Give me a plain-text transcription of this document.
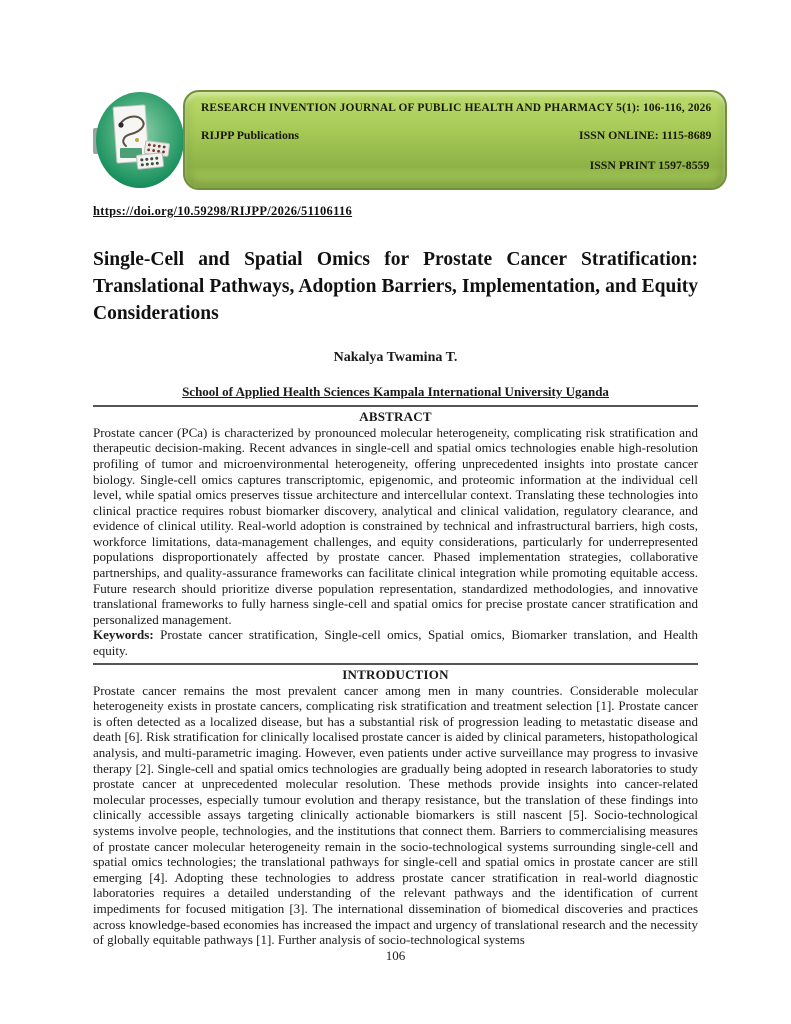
RESEARCH INVENTION JOURNAL OF PUBLIC HEALTH AND PHARMACY 5(1): 106-116, 2026
RIJPP Publications	ISSN ONLINE: 1115-8689
ISSN PRINT 1597-8559
https://doi.org/10.59298/RIJPP/2026/51106116
Single-Cell and Spatial Omics for Prostate Cancer Stratification: Translational Pathways, Adoption Barriers, Implementation, and Equity Considerations
Nakalya Twamina T.
School of Applied Health Sciences Kampala International University Uganda
ABSTRACT

Prostate cancer (PCa) is characterized by pronounced molecular heterogeneity, complicating risk stratification and therapeutic decision-making. Recent advances in single-cell and spatial omics technologies enable high-resolution profiling of tumor and microenvironmental heterogeneity, offering unprecedented insights into prostate cancer biology. Single-cell omics captures transcriptomic, epigenomic, and proteomic information at the individual cell level, while spatial omics preserves tissue architecture and intercellular context. Translating these technologies into clinical practice requires robust biomarker discovery, analytical and clinical validation, regulatory clearance, and evidence of clinical utility. Real-world adoption is constrained by technical and infrastructural barriers, high costs, workforce limitations, data-management challenges, and equity considerations, particularly for underrepresented populations disproportionately affected by prostate cancer. Phased implementation strategies, collaborative partnerships, and quality-assurance frameworks can facilitate clinical integration while promoting equitable access. Future research should prioritize diverse population representation, standardized methodologies, and innovative translational frameworks to fully harness single-cell and spatial omics for precise prostate cancer stratification and personalized management.

Keywords: Prostate cancer stratification, Single-cell omics, Spatial omics, Biomarker translation, and Health equity.

INTRODUCTION

Prostate cancer remains the most prevalent cancer among men in many countries. Considerable molecular heterogeneity exists in prostate cancers, complicating risk stratification and treatment selection [1]. Prostate cancer is often detected as a localized disease, but has a substantial risk of progression leading to metastatic disease and death [6]. Risk stratification for clinically localised prostate cancer is aided by clinical parameters, histopathological analysis, and multi-parametric imaging. However, even patients under active surveillance may progress to invasive therapy [2]. Single-cell and spatial omics technologies are gradually being adopted in research laboratories to study prostate cancer at unprecedented molecular resolution. These methods provide insights into cancer-related molecular processes, especially tumour evolution and therapy resistance, but the translation of these findings into clinically accessible assays targeting clinically actionable biomarkers is still nascent [5]. Socio-technological systems involve people, technologies, and the institutions that connect them. Barriers to commercialising measures of prostate cancer molecular heterogeneity remain in the socio-technological systems surrounding single-cell and spatial omics technologies; the translational pathways for single-cell and spatial omics in prostate cancer are still emerging [4]. Adopting these technologies to address prostate cancer stratification in real-world diagnostic laboratories requires a detailed understanding of the relevant pathways and the identification of current impediments for focused mitigation [3]. The international dissemination of biomedical discoveries and practices across knowledge-based economies has increased the impact and urgency of translational research and the necessity of globally equitable pathways [1]. Further analysis of socio-technological systems

106
